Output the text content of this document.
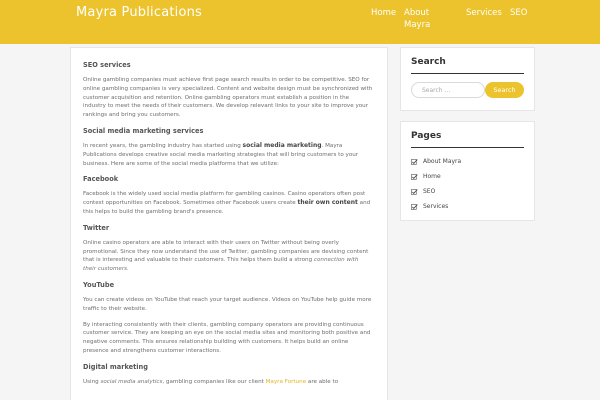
Mayra Publications	Home About Mayra
Services SEO
SEO services

Online gambling companies must achieve first page search results in order to be competitive. SEO for online gambling companies is very specialized. Content and website design must be synchronized with customer acquisition and retention. Online gambling operators must establish a position in the industry to meet the needs of their customers. We develop relevant links to your site to improve your rankings and bring you customers.

Social media marketing services

In recent years, the gambling industry has started using social media marketing. Mayra Publications develops creative social media marketing strategies that will bring customers to your business. Here are some of the social media platforms that we utilize:

Facebook

Facebook is the widely used social media platform for gambling casinos. Casino operators often post contest opportunities on Facebook. Sometimes other Facebook users create their own content and this helps to build the gambling brand's presence.

Twitter

Online casino operators are able to interact with their users on Twitter without being overly promotional. Since they now understand the use of Twitter, gambling companies are devising content that is interesting and valuable to their customers. This helps them build a strong connection with their customers.

YouTube

You can create videos on YouTube that reach your target audience. Videos on YouTube help guide more traffic to their website.

By interacting consistently with their clients, gambling company operators are providing continuous customer service. They are keeping an eye on the social media sites and monitoring both positive and negative comments. This ensures relationship building with customers. It helps build an online presence and strengthens customer interactions.

Digital marketing

Using social media analytics, gambling companies like our client Mayra Fortune are able to

Search
Search …
Search
Pages
About Mayra
Home
SEO
Services
